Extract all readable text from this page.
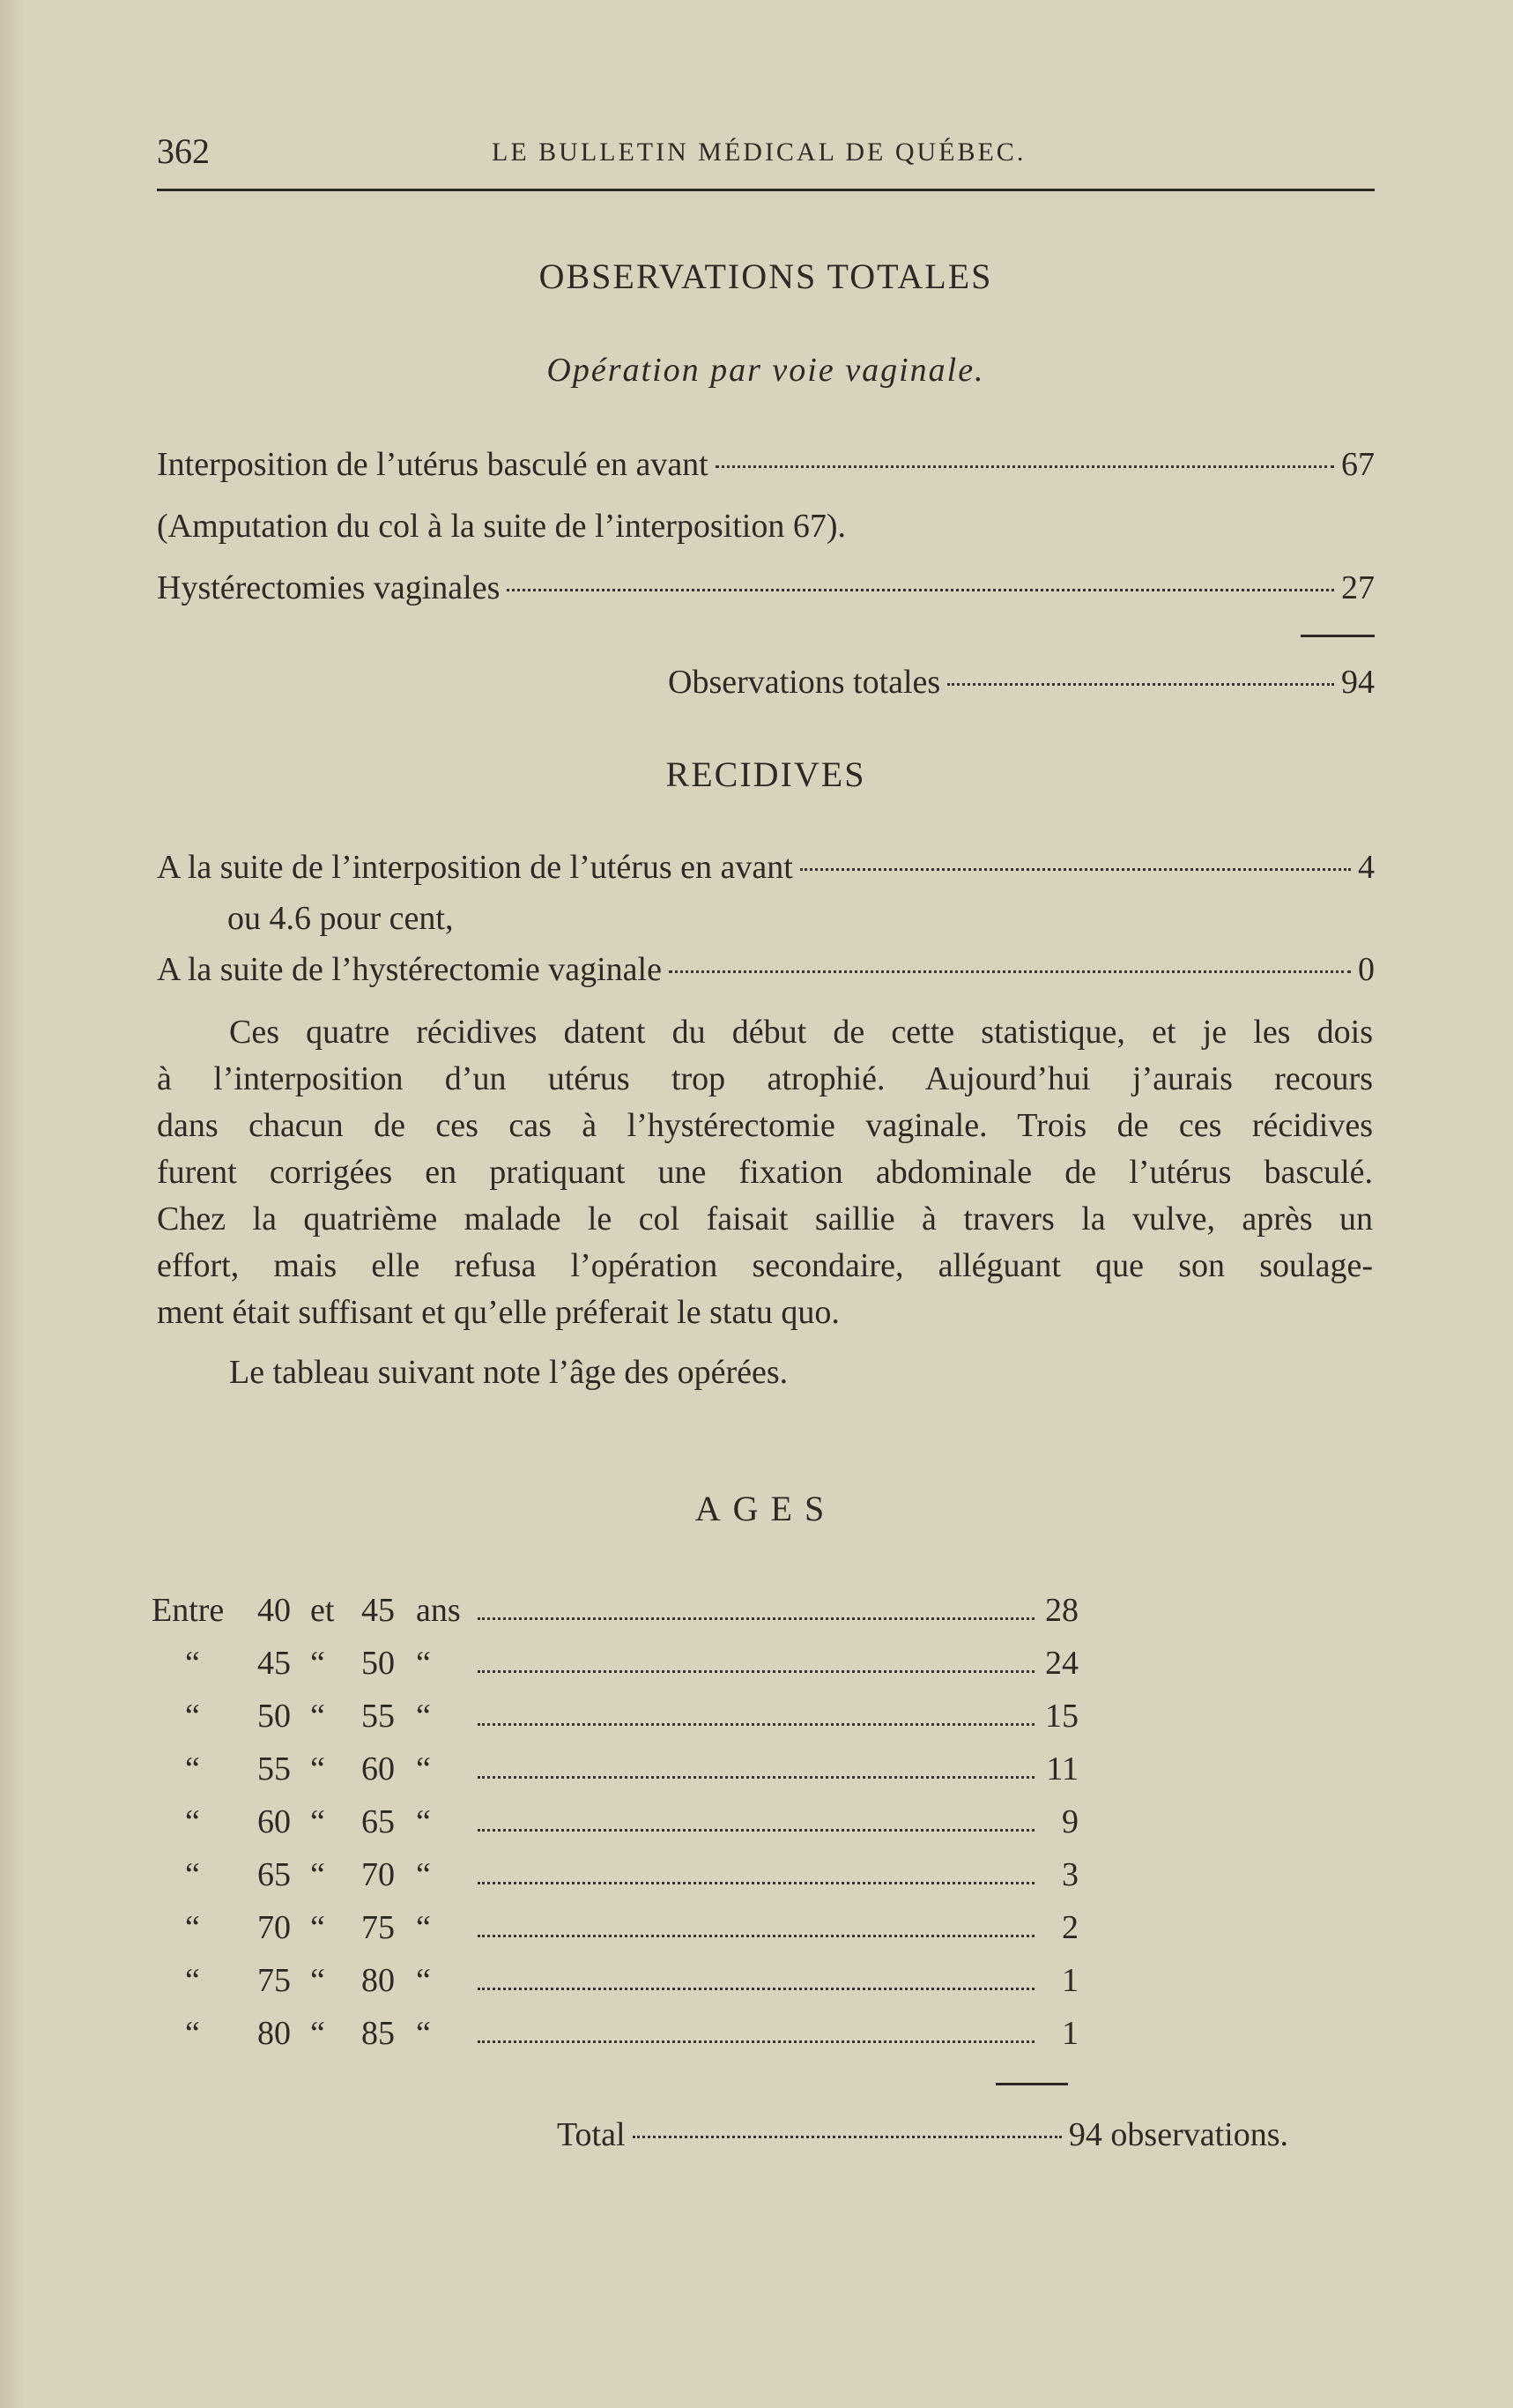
362	LE BULLETIN MÉDICAL DE QUÉBEC.
OBSERVATIONS TOTALES
Opération par voie vaginale.
Interposition de l’utérus basculé en avant	67
(Amputation du col à la suite de l’interposition 67).
Hystérectomies vaginales	27
Observations totales	94
RECIDIVES
A la suite de l’interposition de l’utérus en avant	4
ou 4.6 pour cent,
A la suite de l’hystérectomie vaginale	0
Ces quatre récidives datent du début de cette statistique, et je les dois
à l’interposition d’un utérus trop atrophié. Aujourd’hui j’aurais recours
dans chacun de ces cas à l’hystérectomie vaginale. Trois de ces récidives
furent corrigées en pratiquant une fixation abdominale de l’utérus basculé.
Chez la quatrième malade le col faisait saillie à travers la vulve, après un
effort, mais elle refusa l’opération secondaire, alléguant que son soulage-
ment était suffisant et qu’elle préferait le statu quo.
Le tableau suivant note l’âge des opérées.
AGES
Entre 40 et 45 ans	28
“ 45 “ 50 “	24
“ 50 “ 55 “	15
“ 55 “ 60 “	11
“ 60 “ 65 “	9
“ 65 “ 70 “	3
“ 70 “ 75 “	2
“ 75 “ 80 “	1
“ 80 “ 85 “	1
Total	94 observations.
